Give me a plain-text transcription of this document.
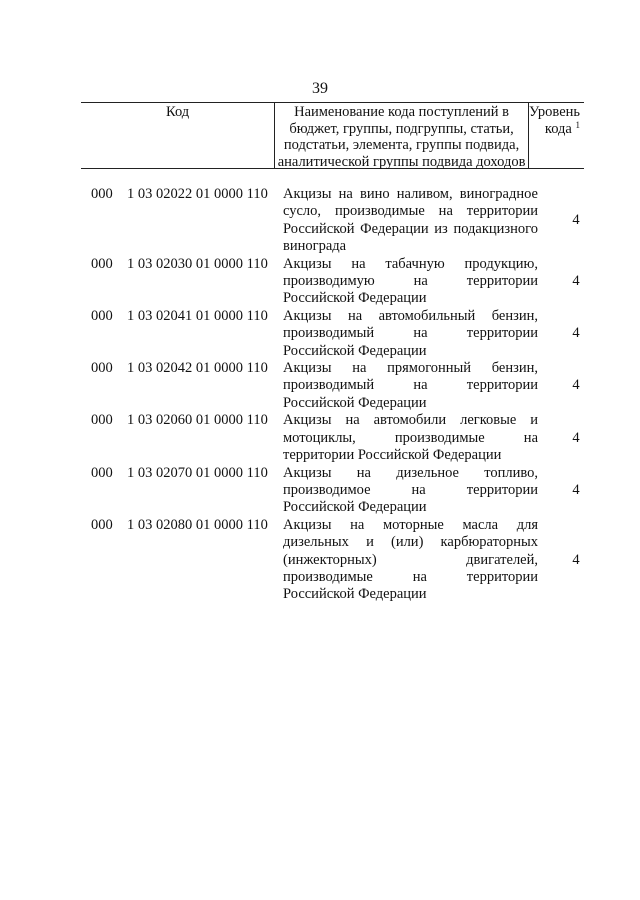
39
Код	Наименование кода поступлений в
бюджет, группы, подгруппы, статьи,
подстатьи, элемента, группы подвида,
аналитической группы подвида доходов
Уровень
кода $^1$
000 1 03 02022 01 0000 110	Акцизы на вино наливом, виноградное
сусло, производимые на территории
Российской Федерации из подакцизного
винограда
4
000 1 03 02030 01 0000 110	Акцизы на табачную продукцию,
производимую на территории
Российской Федерации
4
000 1 03 02041 01 0000 110	Акцизы на автомобильный бензин,
производимый на территории
Российской Федерации
4
000 1 03 02042 01 0000 110	Акцизы на прямогонный бензин,
производимый на территории
Российской Федерации
4
000 1 03 02060 01 0000 110	Акцизы на автомобили легковые и
мотоциклы, производимые на
территории Российской Федерации
4
000 1 03 02070 01 0000 110	Акцизы на дизельное топливо,
производимое на территории
Российской Федерации
4
000 1 03 02080 01 0000 110	Акцизы на моторные масла для
дизельных и (или) карбюраторных
(инжекторных) двигателей,
производимые на территории
Российской Федерации
4
